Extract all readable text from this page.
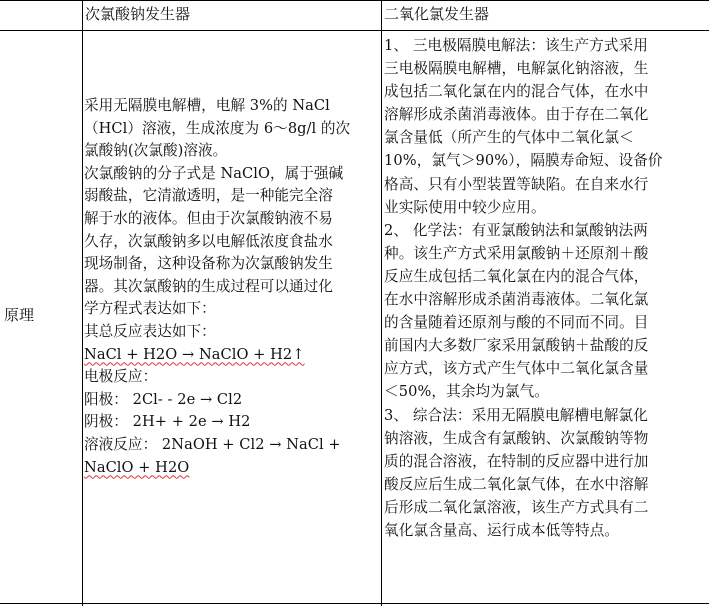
次氯酸钠发生器	二氧化氯发生器
原理

采用无隔膜电解槽，电解 3%的 NaCl

（HCl）溶液，生成浓度为 6～8g/l 的次

氯酸钠(次氯酸)溶液。

次氯酸钠的分子式是 NaClO，属于强碱

弱酸盐，它清澈透明，是一种能完全溶

解于水的液体。但由于次氯酸钠液不易

久存，次氯酸钠多以电解低浓度食盐水

现场制备，这种设备称为次氯酸钠发生

器。其次氯酸钠的生成过程可以通过化

学方程式表达如下：

其总反应表达如下：

NaCl + H2O → NaClO + H2↑

电极反应：

阳极： 2Cl- - 2e → Cl2

阴极： 2H+ + 2e → H2

溶液反应： 2NaOH + Cl2 → NaCl +

NaClO + H2O

1、 三电极隔膜电解法：该生产方式采用

三电极隔膜电解槽，电解氯化钠溶液，生

成包括二氧化氯在内的混合气体，在水中

溶解形成杀菌消毒液体。由于存在二氧化

氯含量低（所产生的气体中二氧化氯＜

10%，氯气＞90%），隔膜寿命短、设备价

格高、只有小型装置等缺陷。在自来水行

业实际使用中较少应用。

2、 化学法：有亚氯酸钠法和氯酸钠法两

种。该生产方式采用氯酸钠＋还原剂＋酸

反应生成包括二氧化氯在内的混合气体，

在水中溶解形成杀菌消毒液体。二氧化氯

的含量随着还原剂与酸的不同而不同。目

前国内大多数厂家采用氯酸钠＋盐酸的反

应方式，该方式产生气体中二氧化氯含量

＜50%，其余均为氯气。

3、 综合法：采用无隔膜电解槽电解氯化

钠溶液，生成含有氯酸钠、次氯酸钠等物

质的混合溶液，在特制的反应器中进行加

酸反应后生成二氧化氯气体，在水中溶解

后形成二氧化氯溶液，该生产方式具有二

氧化氯含量高、运行成本低等特点。
